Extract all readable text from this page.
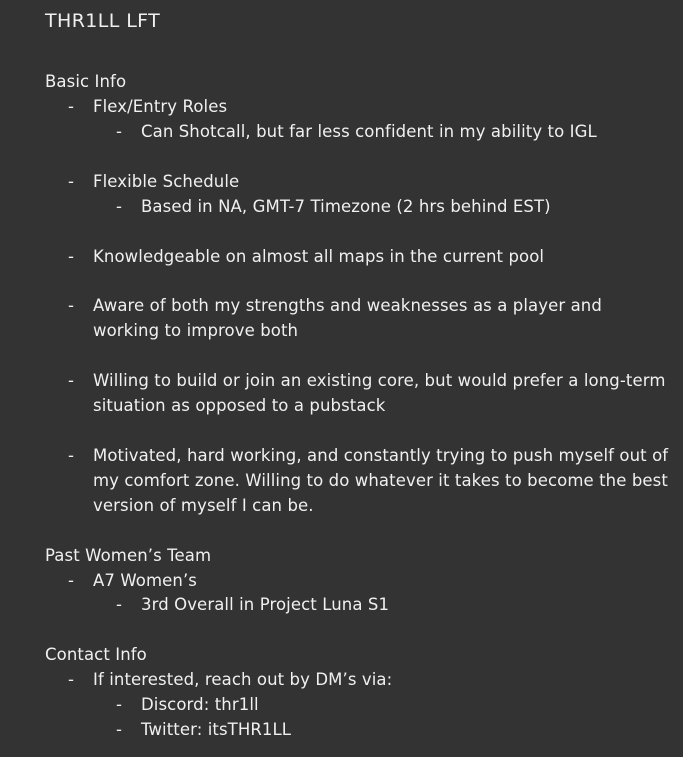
THR1LL LFT
Basic Info
- Flex/Entry Roles
- Can Shotcall, but far less confident in my ability to IGL
- Flexible Schedule
- Based in NA, GMT-7 Timezone (2 hrs behind EST)
- Knowledgeable on almost all maps in the current pool
- Aware of both my strengths and weaknesses as a player and working to improve both
- Willing to build or join an existing core, but would prefer a long-term situation as opposed to a pubstack
- Motivated, hard working, and constantly trying to push myself out of my comfort zone. Willing to do whatever it takes to become the best version of myself I can be.
Past Women’s Team
- A7 Women’s
- 3rd Overall in Project Luna S1
Contact Info
- If interested, reach out by DM’s via:
- Discord: thr1ll
- Twitter: itsTHR1LL
